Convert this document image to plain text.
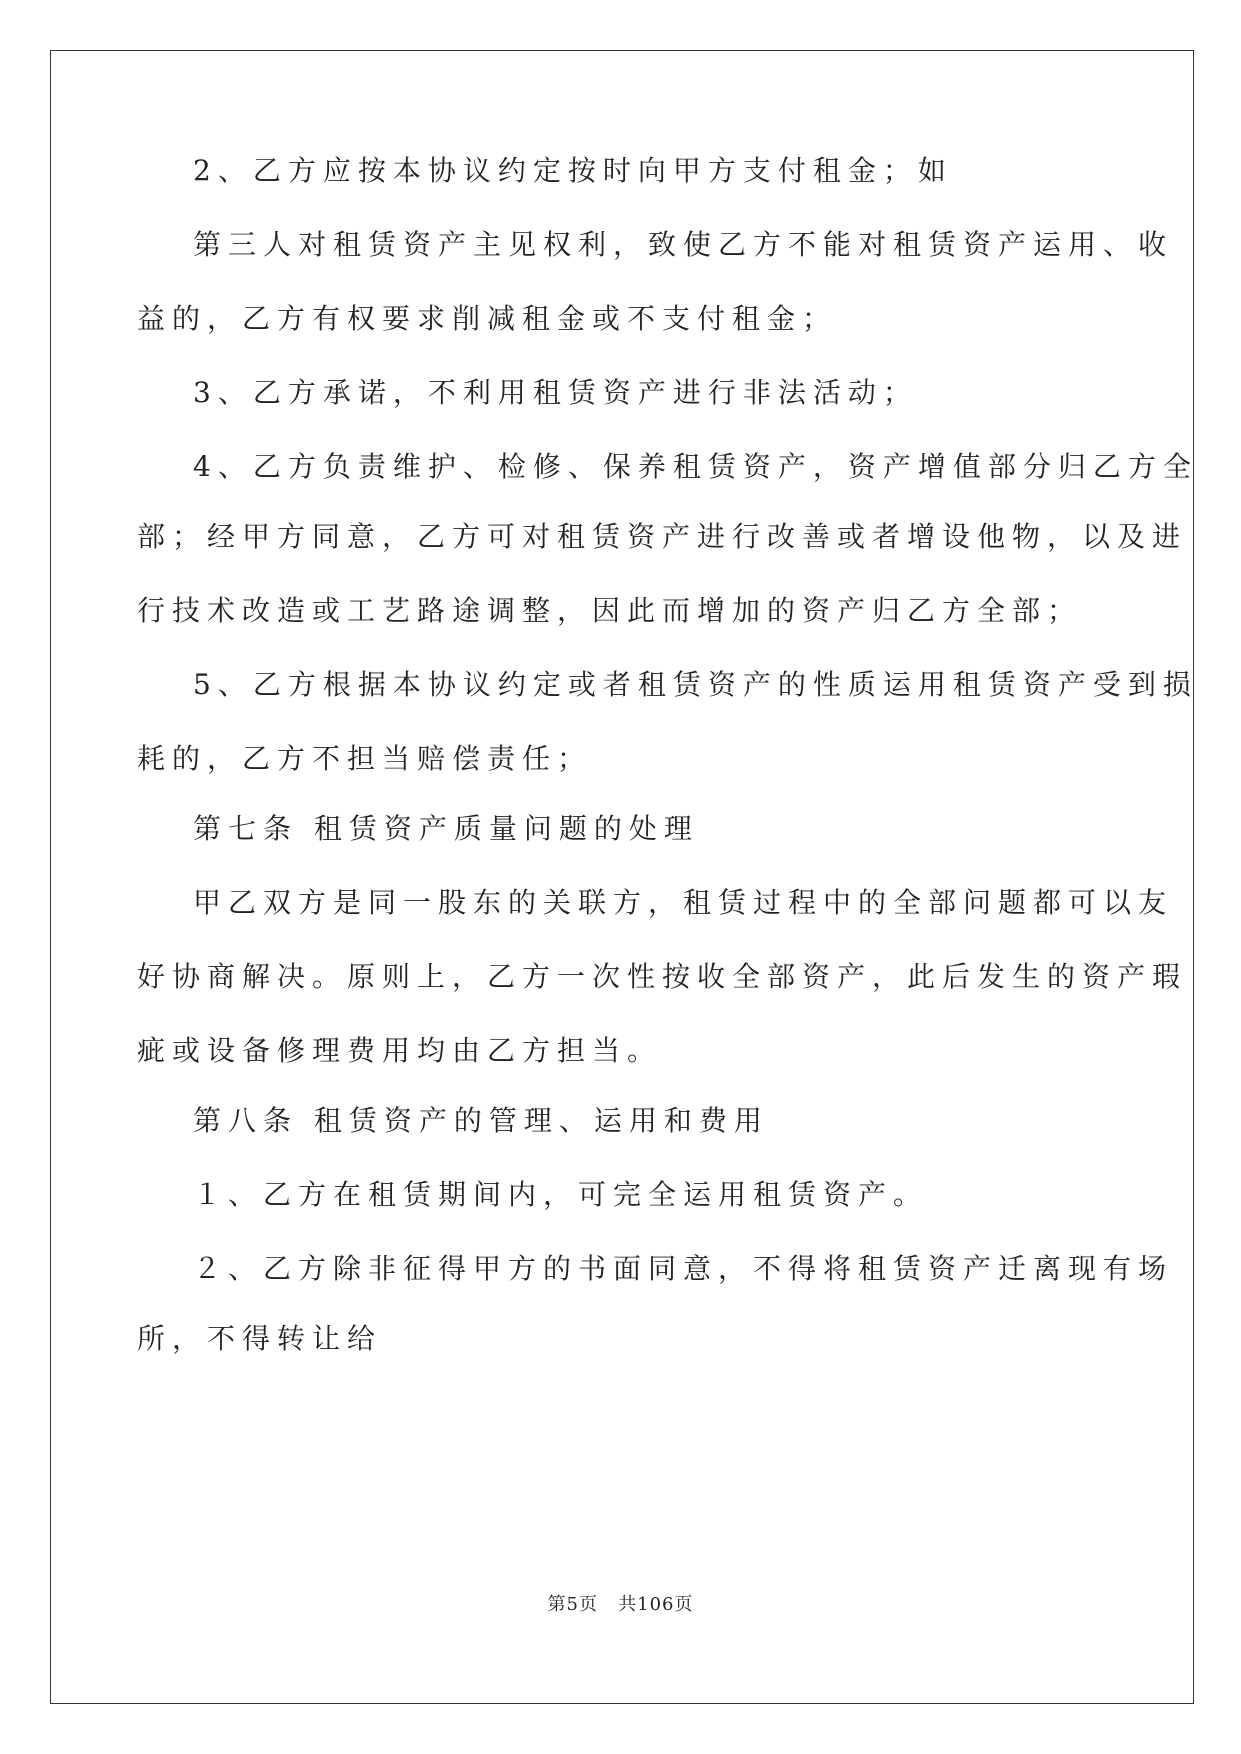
2、乙方应按本协议约定按时向甲方支付租金；如
第三人对租赁资产主见权利，致使乙方不能对租赁资产运用、收
益的，乙方有权要求削减租金或不支付租金；
3、乙方承诺，不利用租赁资产进行非法活动；
4、乙方负责维护、检修、保养租赁资产，资产增值部分归乙方全
部；经甲方同意，乙方可对租赁资产进行改善或者增设他物，以及进
行技术改造或工艺路途调整，因此而增加的资产归乙方全部；
5、乙方根据本协议约定或者租赁资产的性质运用租赁资产受到损
耗的，乙方不担当赔偿责任；
第七条 租赁资产质量问题的处理
甲乙双方是同一股东的关联方，租赁过程中的全部问题都可以友
好协商解决。原则上，乙方一次性按收全部资产，此后发生的资产瑕
疵或设备修理费用均由乙方担当。
第八条 租赁资产的管理、运用和费用
１、乙方在租赁期间内，可完全运用租赁资产。
２、乙方除非征得甲方的书面同意，不得将租赁资产迁离现有场
所，不得转让给
第5页 共106页
